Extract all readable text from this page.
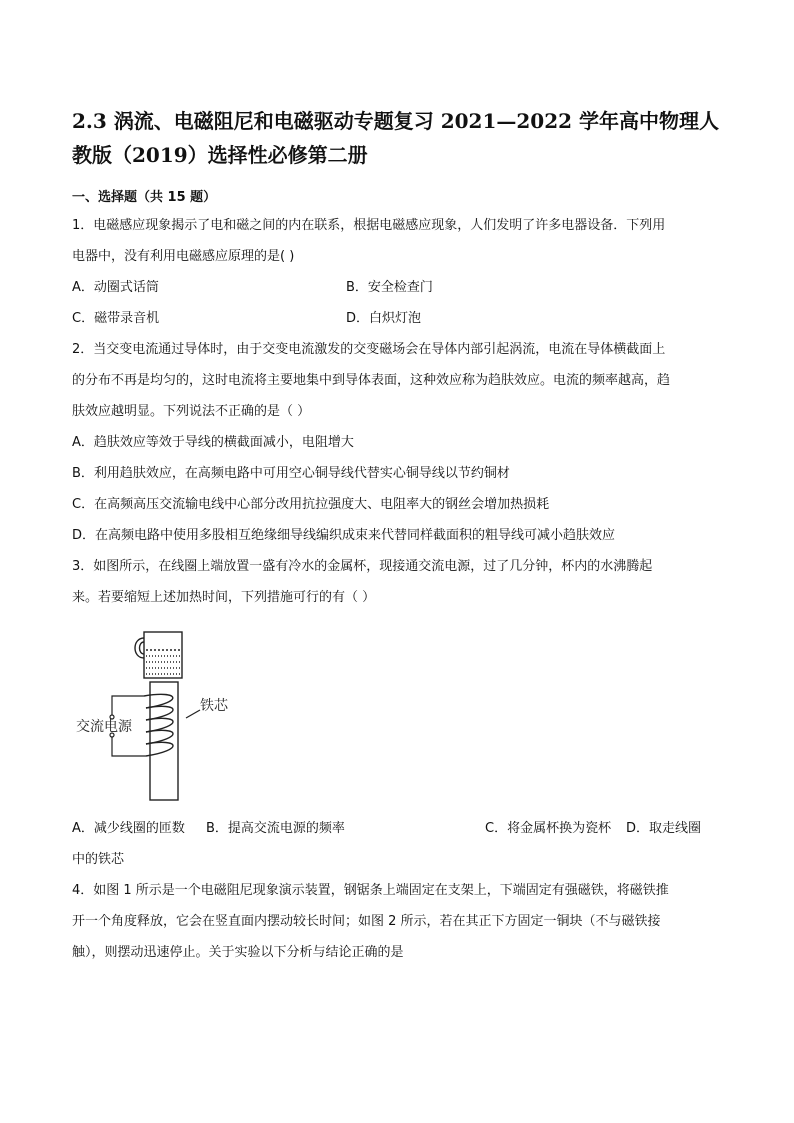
2.3 涡流、电磁阻尼和电磁驱动专题复习 2021—2022 学年高中物理人
教版（2019）选择性必修第二册
一、选择题（共 15 题）
1．电磁感应现象揭示了电和磁之间的内在联系，根据电磁感应现象，人们发明了许多电器设备．下列用
电器中，没有利用电磁感应原理的是( )
A．动圈式话筒	B．安全检查门
C．磁带录音机	D．白炽灯泡
2．当交变电流通过导体时，由于交变电流激发的交变磁场会在导体内部引起涡流，电流在导体横截面上
的分布不再是均匀的，这时电流将主要地集中到导体表面，这种效应称为趋肤效应。电流的频率越高，趋
肤效应越明显。下列说法不正确的是（ ）
A．趋肤效应等效于导线的横截面减小，电阻增大
B．利用趋肤效应，在高频电路中可用空心铜导线代替实心铜导线以节约铜材
C．在高频高压交流输电线中心部分改用抗拉强度大、电阻率大的钢丝会增加热损耗
D．在高频电路中使用多股相互绝缘细导线编织成束来代替同样截面积的粗导线可减小趋肤效应
3．如图所示，在线圈上端放置一盛有冷水的金属杯，现接通交流电源，过了几分钟，杯内的水沸腾起
来。若要缩短上述加热时间，下列措施可行的有（ ）
交流电源
铁芯
A．减少线圈的匝数 B．提高交流电源的频率	C．将金属杯换为瓷杯 D．取走线圈
中的铁芯
4．如图 1 所示是一个电磁阻尼现象演示装置，钢锯条上端固定在支架上，下端固定有强磁铁，将磁铁推
开一个角度释放，它会在竖直面内摆动较长时间；如图 2 所示，若在其正下方固定一铜块（不与磁铁接
触），则摆动迅速停止。关于实验以下分析与结论正确的是
